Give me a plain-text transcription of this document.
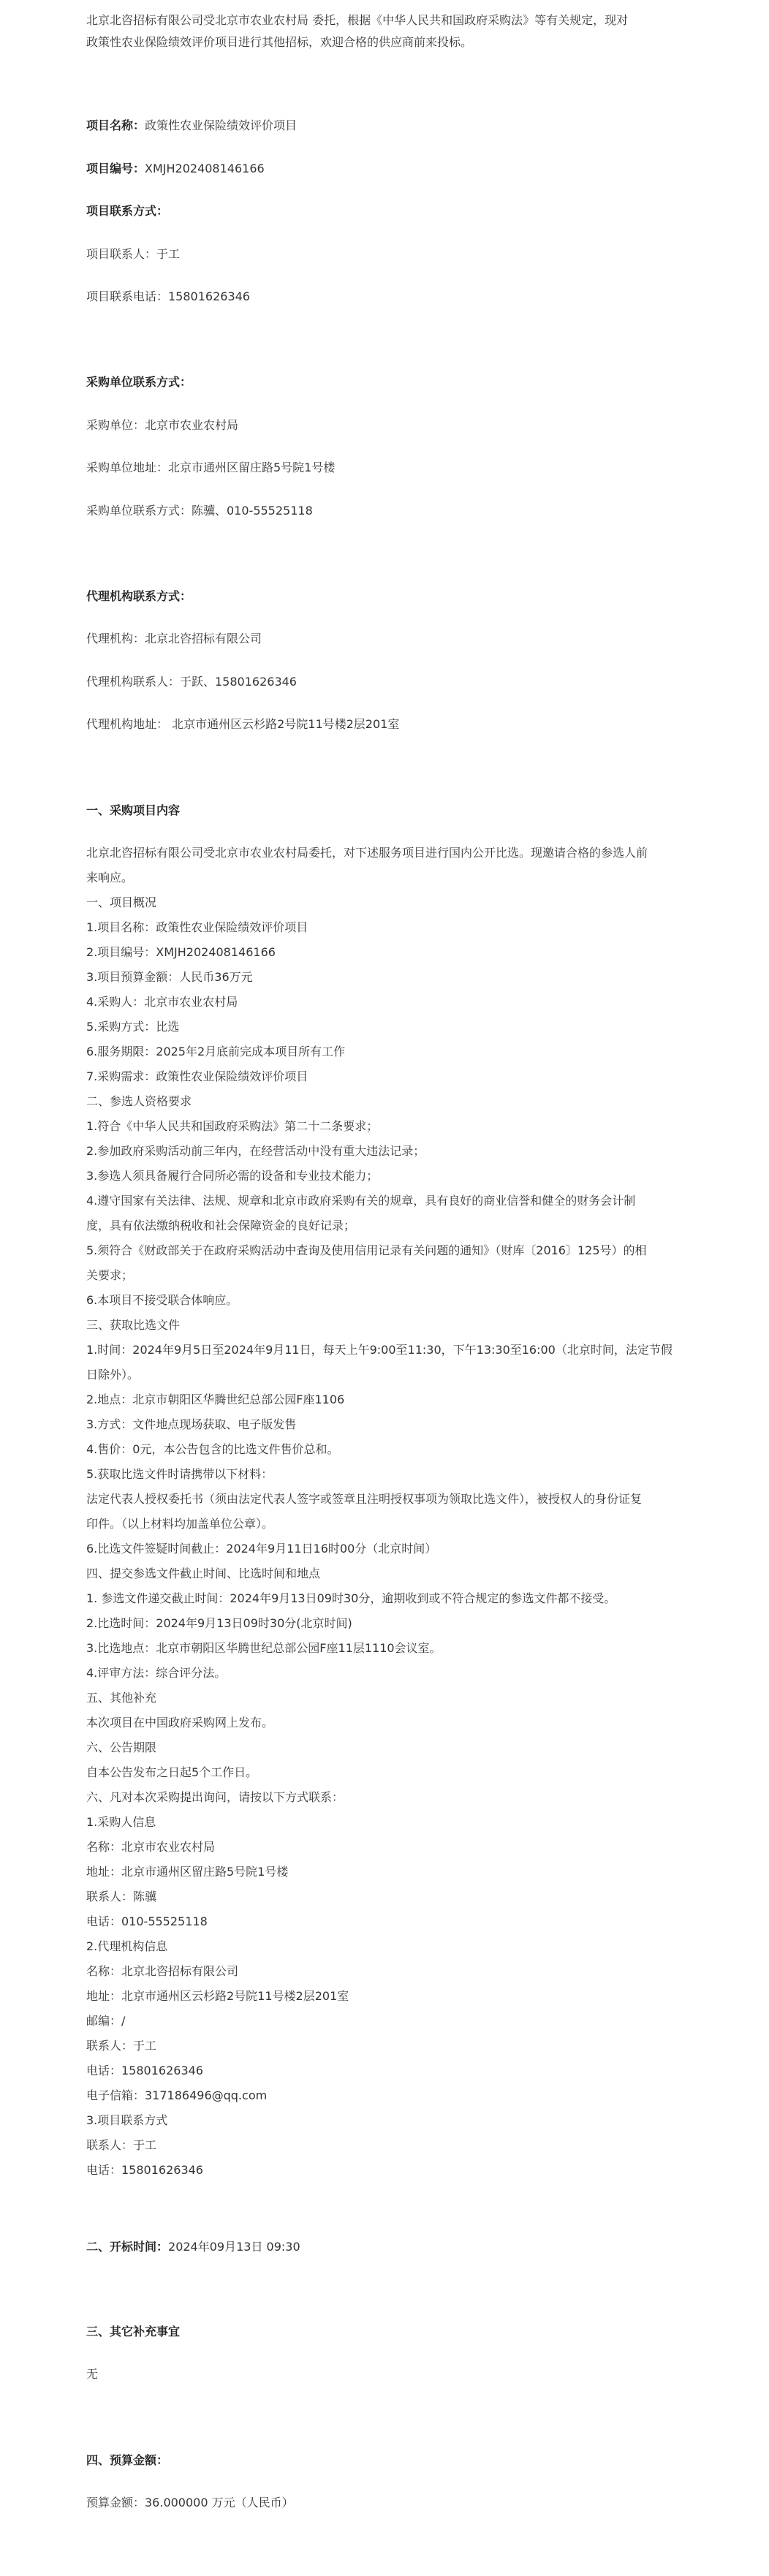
北京北咨招标有限公司受北京市农业农村局 委托，根据《中华人民共和国政府采购法》等有关规定，现对
政策性农业保险绩效评价项目进行其他招标，欢迎合格的供应商前来投标。
项目名称：政策性农业保险绩效评价项目
项目编号：XMJH202408146166
项目联系方式：
项目联系人：于工
项目联系电话：15801626346
采购单位联系方式：
采购单位：北京市农业农村局
采购单位地址：北京市通州区留庄路5号院1号楼
采购单位联系方式：陈骥、010-55525118
代理机构联系方式：
代理机构：北京北咨招标有限公司
代理机构联系人：于跃、15801626346
代理机构地址： 北京市通州区云杉路2号院11号楼2层201室
一、采购项目内容
北京北咨招标有限公司受北京市农业农村局委托，对下述服务项目进行国内公开比选。现邀请合格的参选人前
来响应。
一、项目概况
1.项目名称：政策性农业保险绩效评价项目
2.项目编号：XMJH202408146166
3.项目预算金额：人民币36万元
4.采购人：北京市农业农村局
5.采购方式：比选
6.服务期限：2025年2月底前完成本项目所有工作
7.采购需求：政策性农业保险绩效评价项目
二、参选人资格要求
1.符合《中华人民共和国政府采购法》第二十二条要求；
2.参加政府采购活动前三年内，在经营活动中没有重大违法记录；
3.参选人须具备履行合同所必需的设备和专业技术能力；
4.遵守国家有关法律、法规、规章和北京市政府采购有关的规章，具有良好的商业信誉和健全的财务会计制
度，具有依法缴纳税收和社会保障资金的良好记录；
5.须符合《财政部关于在政府采购活动中查询及使用信用记录有关问题的通知》（财库〔2016〕125号）的相
关要求；
6.本项目不接受联合体响应。
三、获取比选文件
1.时间：2024年9月5日至2024年9月11日，每天上午9:00至11:30，下午13:30至16:00（北京时间，法定节假
日除外）。
2.地点：北京市朝阳区华腾世纪总部公园F座1106
3.方式：文件地点现场获取、电子版发售
4.售价：0元，本公告包含的比选文件售价总和。
5.获取比选文件时请携带以下材料：
法定代表人授权委托书（须由法定代表人签字或签章且注明授权事项为领取比选文件），被授权人的身份证复
印件。（以上材料均加盖单位公章）。
6.比选文件签疑时间截止：2024年9月11日16时00分（北京时间）
四、提交参选文件截止时间、比选时间和地点
1. 参选文件递交截止时间：2024年9月13日09时30分，逾期收到或不符合规定的参选文件都不接受。
2.比选时间：2024年9月13日09时30分(北京时间)
3.比选地点：北京市朝阳区华腾世纪总部公园F座11层1110会议室。
4.评审方法：综合评分法。
五、其他补充
本次项目在中国政府采购网上发布。
六、公告期限
自本公告发布之日起5个工作日。
六、凡对本次采购提出询问，请按以下方式联系：
1.采购人信息
名称：北京市农业农村局
地址：北京市通州区留庄路5号院1号楼
联系人：陈骥
电话：010-55525118
2.代理机构信息
名称：北京北咨招标有限公司
地址：北京市通州区云杉路2号院11号楼2层201室
邮编：/
联系人：于工
电话：15801626346
电子信箱：317186496@qq.com
3.项目联系方式
联系人：于工
电话：15801626346
二、开标时间：2024年09月13日 09:30
三、其它补充事宜
无
四、预算金额：
预算金额：36.000000 万元（人民币）
